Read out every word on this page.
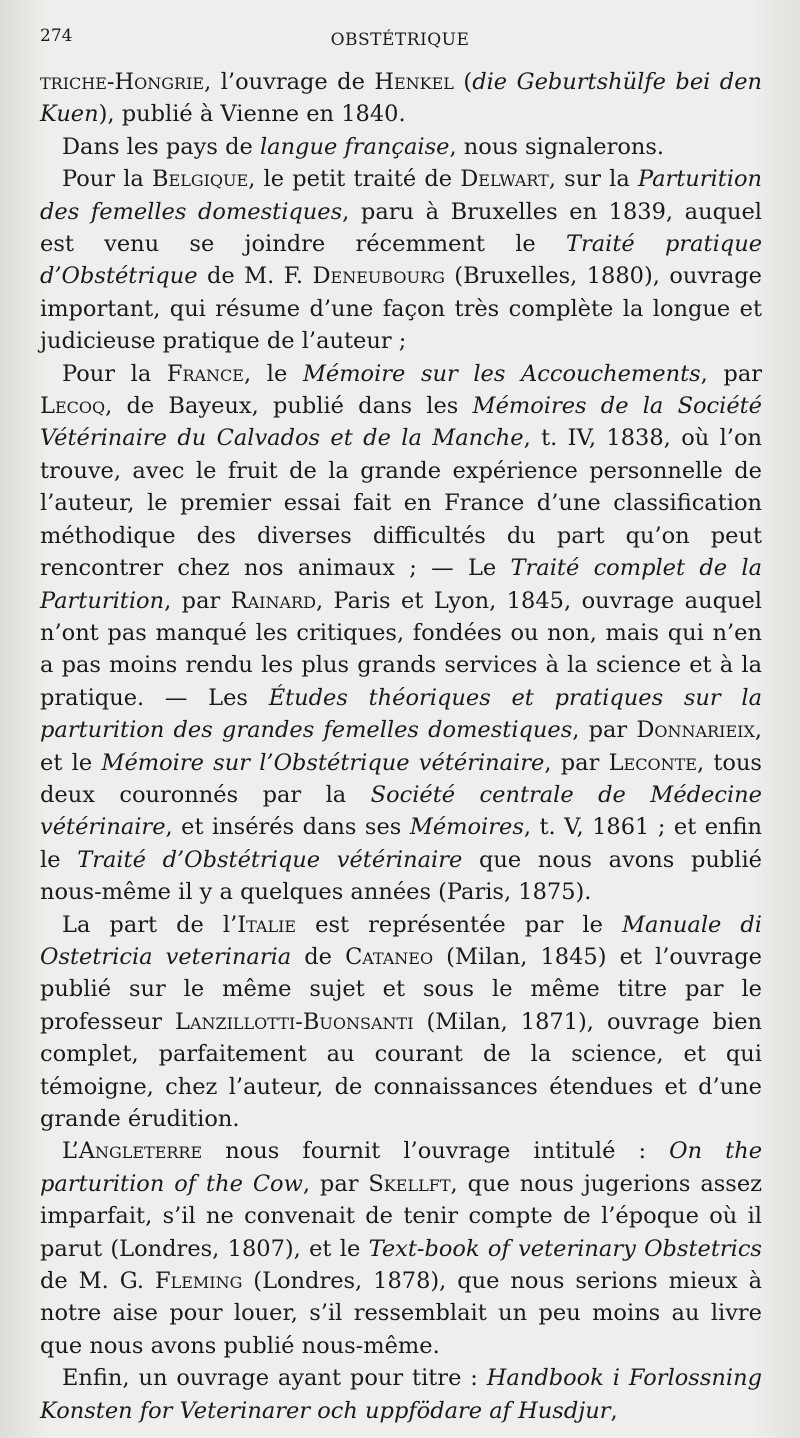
274	OBSTÉTRIQUE

triche-Hongrie, l’ouvrage de Henkel (die Geburtshülfe bei den Kuen), publié à Vienne en 1840.

Dans les pays de langue française, nous signalerons.

Pour la Belgique, le petit traité de Delwart, sur la Parturition des femelles domestiques, paru à Bruxelles en 1839, auquel est venu se joindre récemment le Traité pratique d’Obstétrique de M. F. Deneubourg (Bruxelles, 1880), ouvrage important, qui résume d’une façon très complète la longue et judicieuse pratique de l’auteur ;

Pour la France, le Mémoire sur les Accouchements, par Lecoq, de Bayeux, publié dans les Mémoires de la Société Vétérinaire du Calvados et de la Manche, t. IV, 1838, où l’on trouve, avec le fruit de la grande expérience personnelle de l’auteur, le premier essai fait en France d’une classification méthodique des diverses difficultés du part qu’on peut rencontrer chez nos animaux ; — Le Traité complet de la Parturition, par Rainard, Paris et Lyon, 1845, ouvrage auquel n’ont pas manqué les critiques, fondées ou non, mais qui n’en a pas moins rendu les plus grands services à la science et à la pratique. — Les Études théoriques et pratiques sur la parturition des grandes femelles domestiques, par Donnarieix, et le Mémoire sur l’Obstétrique vétérinaire, par Leconte, tous deux couronnés par la Société centrale de Médecine vétérinaire, et insérés dans ses Mémoires, t. V, 1861 ; et enfin le Traité d’Obstétrique vétérinaire que nous avons publié nous-même il y a quelques années (Paris, 1875).

La part de l’Italie est représentée par le Manuale di Ostetricia veterinaria de Cataneo (Milan, 1845) et l’ouvrage publié sur le même sujet et sous le même titre par le professeur Lanzillotti-Buonsanti (Milan, 1871), ouvrage bien complet, parfaitement au courant de la science, et qui témoigne, chez l’auteur, de connaissances étendues et d’une grande érudition.

L’Angleterre nous fournit l’ouvrage intitulé : On the parturition of the Cow, par Skellft, que nous jugerions assez imparfait, s’il ne convenait de tenir compte de l’époque où il parut (Londres, 1807), et le Text-book of veterinary Obstetrics de M. G. Fleming (Londres, 1878), que nous serions mieux à notre aise pour louer, s’il ressemblait un peu moins au livre que nous avons publié nous-même.

Enfin, un ouvrage ayant pour titre : Handbook i Forlossning Konsten for Veterinarer och uppfödare af Husdjur,
